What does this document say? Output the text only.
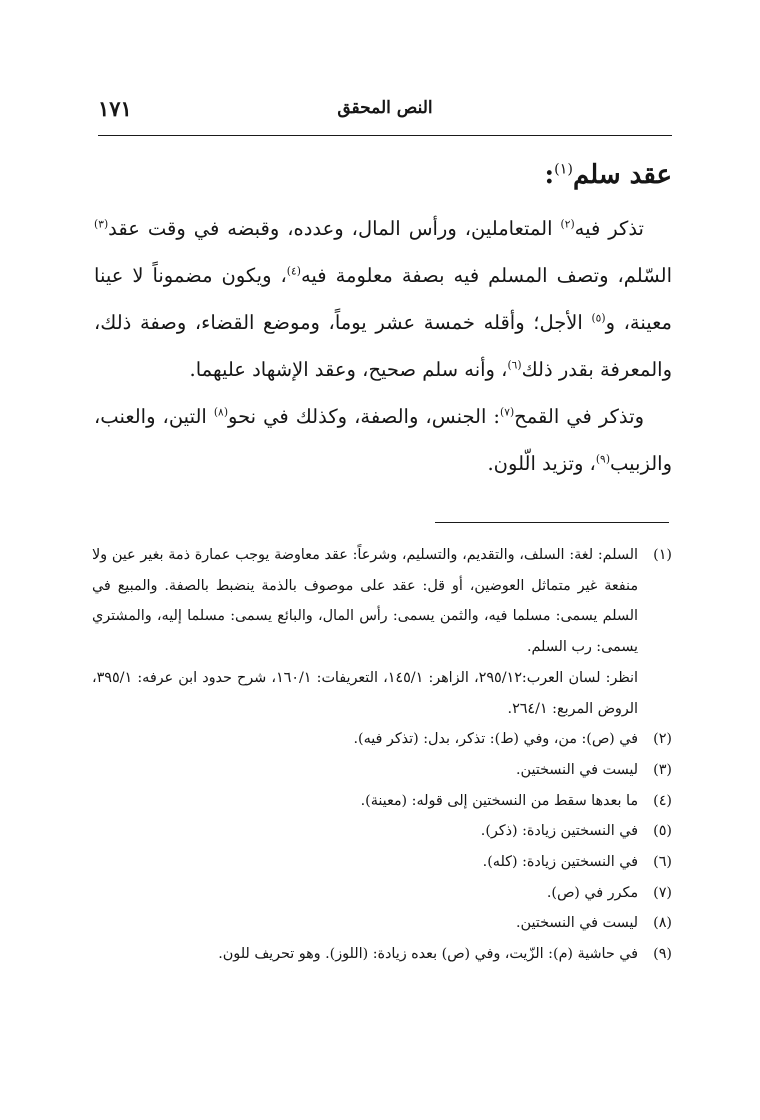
النص المحقق
١٧١
عقد سلم$^{(١)}$:

تذكر فيه$^{(٢)}$ المتعاملين، ورأس المال، وعدده، وقبضه في وقت عقد$^{(٣)}$ السّلم، وتصف المسلم فيه بصفة معلومة فيه$^{(٤)}$، ويكون مضموناً لا عينا معينة، و$^{(٥)}$ الأجل؛ وأقله خمسة عشر يوماً، وموضع القضاء، وصفة ذلك، والمعرفة بقدر ذلك$^{(٦)}$، وأنه سلم صحيح، وعقد الإشهاد عليهما.

وتذكر في القمح$^{(٧)}$: الجنس، والصفة، وكذلك في نحو$^{(٨)}$ التين، والعنب، والزبيب$^{(٩)}$، وتزيد الّلون.

(١)
السلم: لغة: السلف، والتقديم، والتسليم، وشرعاً: عقد معاوضة يوجب عمارة ذمة بغير عين ولا منفعة غير متماثل العوضين، أو قل: عقد على موصوف بالذمة ينضبط بالصفة. والمبيع في السلم يسمى: مسلما فيه، والثمن يسمى: رأس المال، والبائع يسمى: مسلما إليه، والمشتري يسمى: رب السلم.

انظر: لسان العرب:٢٩٥/١٢، الزاهر: ١٤٥/١، التعريفات: ١٦٠/١، شرح حدود ابن عرفه: ٣٩٥/١، الروض المربع: ٢٦٤/١.

(٢)
في (ص): من، وفي (ط): تذكر، بدل: (تذكر فيه).
(٣)
ليست في النسختين.
(٤)
ما بعدها سقط من النسختين إلى قوله: (معينة).
(٥)
في النسختين زيادة: (ذكر).
(٦)
في النسختين زيادة: (كله).
(٧)
مكرر في (ص).
(٨)
ليست في النسختين.
(٩)
في حاشية (م): الزّيت، وفي (ص) بعده زيادة: (اللوز). وهو تحريف للون.
